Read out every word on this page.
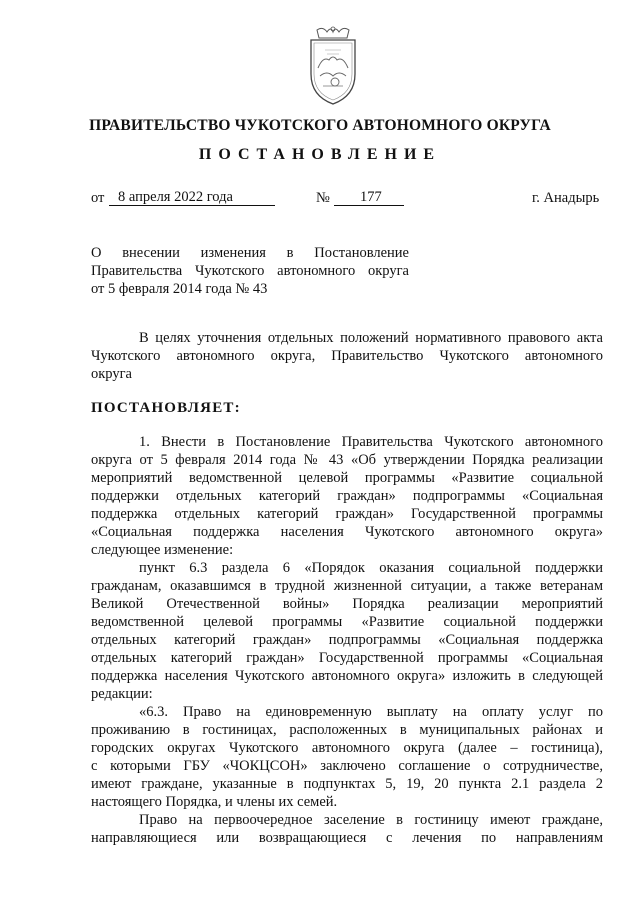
ПРАВИТЕЛЬСТВО ЧУКОТСКОГО АВТОНОМНОГО ОКРУГА
ПОСТАНОВЛЕНИЕ
от 8 апреля 2022 года	№	177	г. Анадырь
О внесении изменения в Постановление
Правительства Чукотского автономного округа
от 5 февраля 2014 года № 43
В целях уточнения отдельных положений нормативного правового акта
Чукотского автономного округа, Правительство Чукотского автономного
округа
ПОСТАНОВЛЯЕТ:
1. Внести в Постановление Правительства Чукотского автономного
округа от 5 февраля 2014 года № 43 «Об утверждении Порядка реализации
мероприятий ведомственной целевой программы «Развитие социальной
поддержки отдельных категорий граждан» подпрограммы «Социальная
поддержка отдельных категорий граждан» Государственной программы
«Социальная поддержка населения Чукотского автономного округа»
следующее изменение:
пункт 6.3 раздела 6 «Порядок оказания социальной поддержки
гражданам, оказавшимся в трудной жизненной ситуации, а также ветеранам
Великой Отечественной войны» Порядка реализации мероприятий
ведомственной целевой программы «Развитие социальной поддержки
отдельных категорий граждан» подпрограммы «Социальная поддержка
отдельных категорий граждан» Государственной программы «Социальная
поддержка населения Чукотского автономного округа» изложить в следующей
редакции:
«6.3. Право на единовременную выплату на оплату услуг по
проживанию в гостиницах, расположенных в муниципальных районах и
городских округах Чукотского автономного округа (далее – гостиница),
с которыми ГБУ «ЧОКЦСОН» заключено соглашение о сотрудничестве,
имеют граждане, указанные в подпунктах 5, 19, 20 пункта 2.1 раздела 2
настоящего Порядка, и члены их семей.
Право на первоочередное заселение в гостиницу имеют граждане,
направляющиеся или возвращающиеся с лечения по направлениям
